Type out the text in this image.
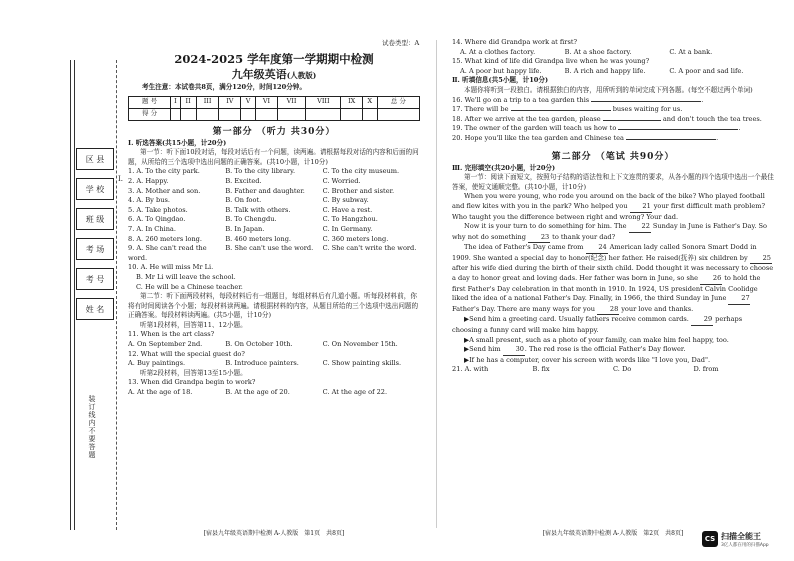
试卷类型：A
区 县
学 校
班 级
考 场
考 号
姓 名
装订线内不要答题
Ⅰ.

2024-2025 学年度第一学期期中检测

九年级英语(人教版)

考生注意：本试卷共8页，满分120分，时间120分钟。

题 号	I	II	III	IV	V	VI	VII	VIII	IX	X	总 分
得 分											

第一部分 （听力 共30分）

Ⅰ. 听选答案(共15小题，计20分)

第一节：听下面10段对话，每段对话后有一个问题，读两遍。请根据每段对话的内容和后面的问题，从所给的三个选项中选出问题的正确答案。(共10小题，计10分)

1. A. To the city park.	B. To the city library.	C. To the city museum.
2. A. Happy.	B. Excited.	C. Worried.
3. A. Mother and son.	B. Father and daughter.	C. Brother and sister.
4. A. By bus.	B. On foot.	C. By subway.
5. A. Take photos.	B. Talk with others.	C. Have a rest.
6. A. To Qingdao.	B. To Chengdu.	C. To Hangzhou.
7. A. In China.	B. In Japan.	C. In Germany.
8. A. 260 meters long.	B. 460 meters long.	C. 360 meters long.
9. A. She can't read the word.
B. She can't use the word.	C. She can't write the word.

10. A. He will miss Mr Li.

B. Mr Li will leave the school.

C. He will be a Chinese teacher.

第二节：听下面两段材料，每段材料后有一组题目，每组材料后有几道小题。听每段材料前，你将有时间阅读各个小题；每段材料读两遍。请根据材料的内容，从题目所给的三个选项中选出问题的正确答案。每段材料读两遍。(共5小题，计10分)

听第1段材料，回答第11、12小题。

11. When is the art class?

A. On September 2nd.	B. On October 10th.	C. On November 15th.

12. What will the special guest do?

A. Buy paintings.	B. Introduce painters.	C. Show painting skills.

听第2段材料，回答第13至15小题。

13. When did Grandpa begin to work?

A. At the age of 18.	B. At the age of 20.	C. At the age of 22.
[宿县九年级英语期中检测 A-人教版　第1页　共8页]

14. Where did Grandpa work at first?

A. At a clothes factory.	B. At a shoe factory.	C. At a bank.

15. What kind of life did Grandpa live when he was young?

A. A poor but happy life.	B. A rich and happy life.	C. A poor and sad life.

Ⅱ. 听填信息(共5小题，计10分)

本题你将听到一段独白。请根据独白的内容，用所听到的单词完成下列各题。(每空不超过两个单词)

16. We'll go on a trip to a tea garden this	.

17. There will be	buses waiting for us.

18. After we arrive at the tea garden, please	and don't touch the tea trees.

19. The owner of the garden will teach us how to	.

20. Hope you'll like the tea garden and Chinese tea	.

第二部分 （笔试 共90分）

Ⅲ. 完形填空(共20小题，计20分)

第一节：阅读下面短文，按照句子结构的语法性和上下文连贯的要求，从各小题的四个选项中选出一个最佳答案，使短文通顺完整。(共10小题，计10分)

When you were young, who rode you around on the back of the bike? Who played football and flew kites with you in the park? Who helped you 21 your first difficult math problem? Who taught you the difference between right and wrong? Your dad.

Now it is your turn to do something for him. The 22 Sunday in June is Father's Day. So why not do something 23 to thank your dad?

The idea of Father's Day came from 24 American lady called Sonora Smart Dodd in 1909. She wanted a special day to honor(纪念) her father. He raised(抚养) six children by 25 after his wife died during the birth of their sixth child. Dodd thought it was necessary to choose a day to honor great and loving dads. Her father was born in June, so she 26 to hold the first Father's Day celebration in that month in 1910. In 1924, US president Calvin Coolidge liked the idea of a national Father's Day. Finally, in 1966, the third Sunday in June 27 Father's Day. There are many ways for you 28 your love and thanks.

▶Send him a greeting card. Usually fathers receive common cards. 29 perhaps choosing a funny card will make him happy.

▶A small present, such as a photo of your family, can make him feel happy, too.

▶Send him 30. The red rose is the official Father's Day flower.

▶If he has a computer, cover his screen with words like "I love you, Dad".

21. A. with	B. fix	C. Do	D. from
[宿县九年级英语期中检测 A-人教版　第2页　共8页]
CS 扫描全能王
3亿人都在用的扫描App
